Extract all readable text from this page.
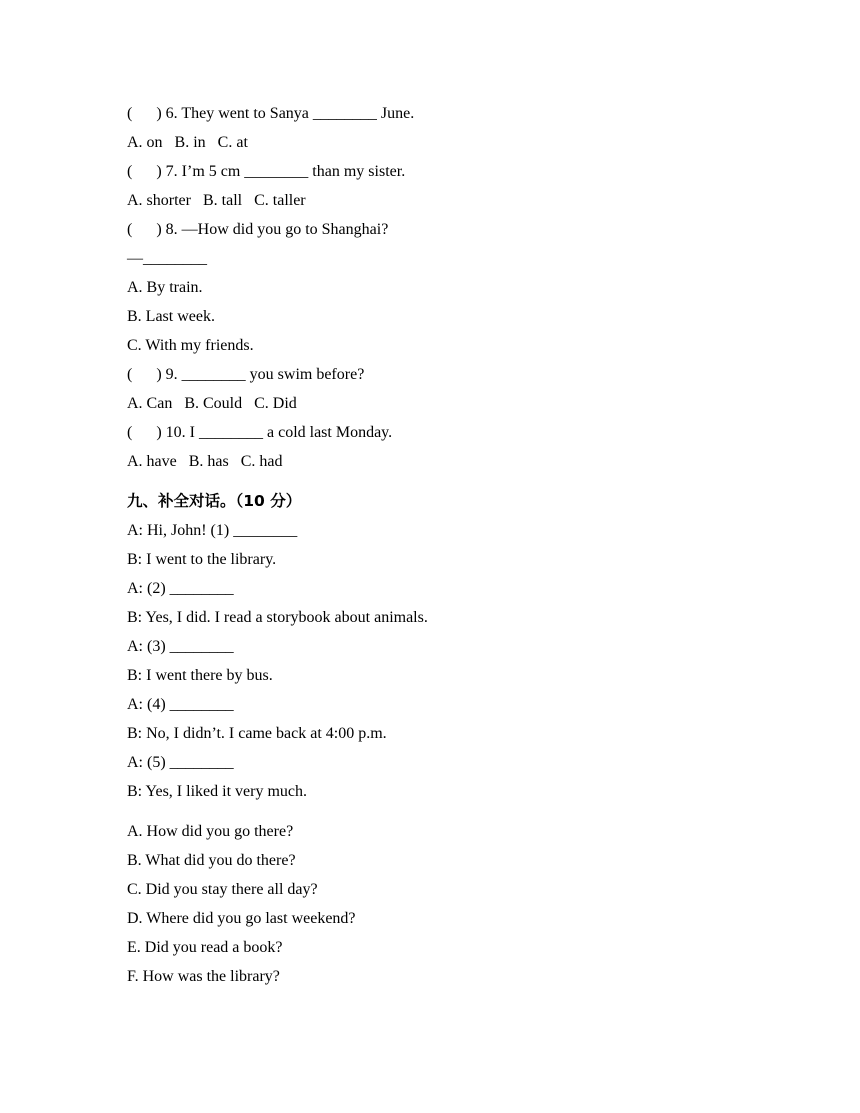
(      ) 6. They went to Sanya ________ June.
A. on   B. in   C. at
(      ) 7. I’m 5 cm ________ than my sister.
A. shorter   B. tall   C. taller
(      ) 8. —How did you go to Shanghai?
—________
A. By train.
B. Last week.
C. With my friends.
(      ) 9. ________ you swim before?
A. Can   B. Could   C. Did
(      ) 10. I ________ a cold last Monday.
A. have   B. has   C. had
九、补全对话。（10 分）
A: Hi, John! (1) ________
B: I went to the library.
A: (2) ________
B: Yes, I did. I read a storybook about animals.
A: (3) ________
B: I went there by bus.
A: (4) ________
B: No, I didn’t. I came back at 4:00 p.m.
A: (5) ________
B: Yes, I liked it very much.
A. How did you go there?
B. What did you do there?
C. Did you stay there all day?
D. Where did you go last weekend?
E. Did you read a book?
F. How was the library?
